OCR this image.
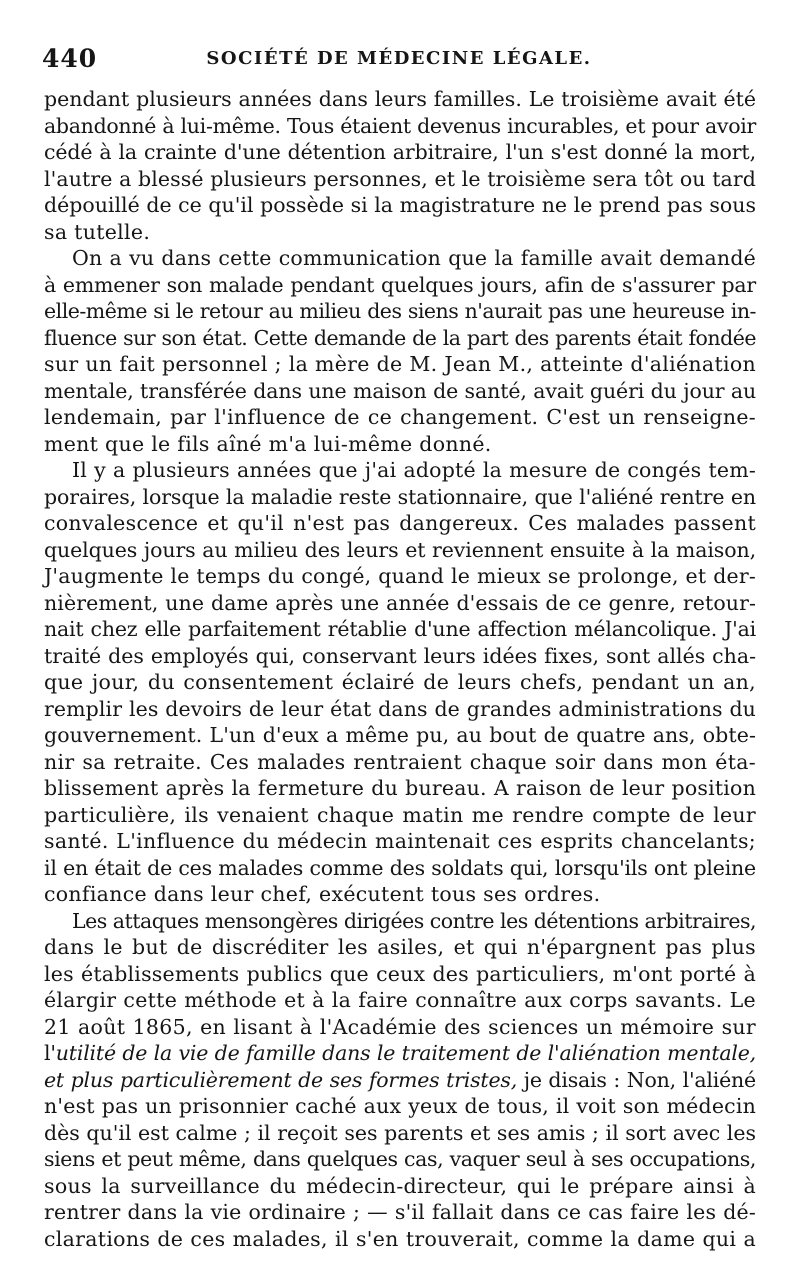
440	SOCIÉTÉ DE MÉDECINE LÉGALE.
pendant plusieurs années dans leurs familles. Le troisième avait été
abandonné à lui-même. Tous étaient devenus incurables, et pour avoir
cédé à la crainte d'une détention arbitraire, l'un s'est donné la mort,
l'autre a blessé plusieurs personnes, et le troisième sera tôt ou tard
dépouillé de ce qu'il possède si la magistrature ne le prend pas sous
sa tutelle.
On a vu dans cette communication que la famille avait demandé
à emmener son malade pendant quelques jours, afin de s'assurer par
elle-même si le retour au milieu des siens n'aurait pas une heureuse in-
fluence sur son état. Cette demande de la part des parents était fondée
sur un fait personnel ; la mère de M. Jean M., atteinte d'aliénation
mentale, transférée dans une maison de santé, avait guéri du jour au
lendemain, par l'influence de ce changement. C'est un renseigne-
ment que le fils aîné m'a lui-même donné.
Il y a plusieurs années que j'ai adopté la mesure de congés tem-
poraires, lorsque la maladie reste stationnaire, que l'aliéné rentre en
convalescence et qu'il n'est pas dangereux. Ces malades passent
quelques jours au milieu des leurs et reviennent ensuite à la maison,
J'augmente le temps du congé, quand le mieux se prolonge, et der-
nièrement, une dame après une année d'essais de ce genre, retour-
nait chez elle parfaitement rétablie d'une affection mélancolique. J'ai
traité des employés qui, conservant leurs idées fixes, sont allés cha-
que jour, du consentement éclairé de leurs chefs, pendant un an,
remplir les devoirs de leur état dans de grandes administrations du
gouvernement. L'un d'eux a même pu, au bout de quatre ans, obte-
nir sa retraite. Ces malades rentraient chaque soir dans mon éta-
blissement après la fermeture du bureau. A raison de leur position
particulière, ils venaient chaque matin me rendre compte de leur
santé. L'influence du médecin maintenait ces esprits chancelants;
il en était de ces malades comme des soldats qui, lorsqu'ils ont pleine
confiance dans leur chef, exécutent tous ses ordres.
Les attaques mensongères dirigées contre les détentions arbitraires,
dans le but de discréditer les asiles, et qui n'épargnent pas plus
les établissements publics que ceux des particuliers, m'ont porté à
élargir cette méthode et à la faire connaître aux corps savants. Le
21 août 1865, en lisant à l'Académie des sciences un mémoire sur
l'utilité de la vie de famille dans le traitement de l'aliénation mentale,
et plus particulièrement de ses formes tristes, je disais : Non, l'aliéné
n'est pas un prisonnier caché aux yeux de tous, il voit son médecin
dès qu'il est calme ; il reçoit ses parents et ses amis ; il sort avec les
siens et peut même, dans quelques cas, vaquer seul à ses occupations,
sous la surveillance du médecin-directeur, qui le prépare ainsi à
rentrer dans la vie ordinaire ; — s'il fallait dans ce cas faire les dé-
clarations de ces malades, il s'en trouverait, comme la dame qui a
